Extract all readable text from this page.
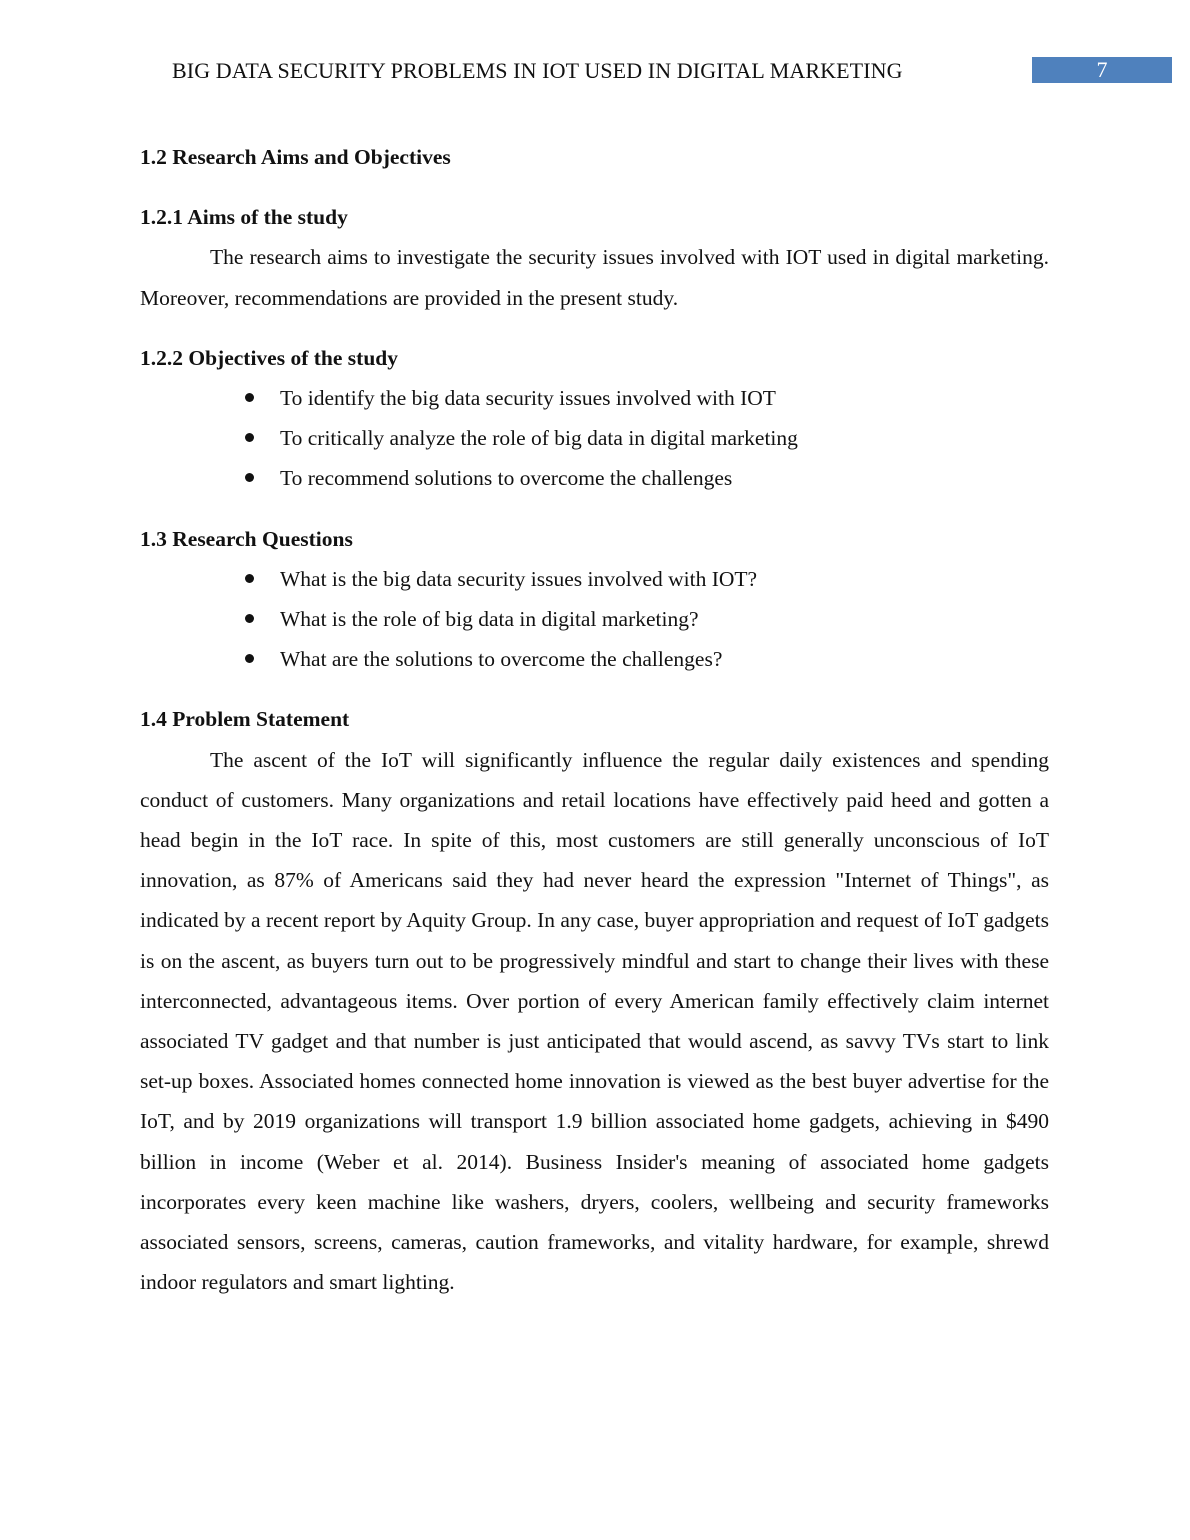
BIG DATA SECURITY PROBLEMS IN IOT USED IN DIGITAL MARKETING	7

1.2 Research Aims and Objectives

1.2.1 Aims of the study

The research aims to investigate the security issues involved with IOT used in digital marketing. Moreover, recommendations are provided in the present study.

1.2.2 Objectives of the study

To identify the big data security issues involved with IOT
To critically analyze the role of big data in digital marketing
To recommend solutions to overcome the challenges

1.3 Research Questions

What is the big data security issues involved with IOT?
What is the role of big data in digital marketing?
What are the solutions to overcome the challenges?

1.4 Problem Statement

The ascent of the IoT will significantly influence the regular daily existences and spending conduct of customers. Many organizations and retail locations have effectively paid heed and gotten a head begin in the IoT race. In spite of this, most customers are still generally unconscious of IoT innovation, as 87% of Americans said they had never heard the expression "Internet of Things", as indicated by a recent report by Aquity Group. In any case, buyer appropriation and request of IoT gadgets is on the ascent, as buyers turn out to be progressively mindful and start to change their lives with these interconnected, advantageous items. Over portion of every American family effectively claim internet associated TV gadget and that number is just anticipated that would ascend, as savvy TVs start to link set-up boxes. Associated homes connected home innovation is viewed as the best buyer advertise for the IoT, and by 2019 organizations will transport 1.9 billion associated home gadgets, achieving in $490 billion in income (Weber et al. 2014). Business Insider's meaning of associated home gadgets incorporates every keen machine like washers, dryers, coolers, wellbeing and security frameworks associated sensors, screens, cameras, caution frameworks, and vitality hardware, for example, shrewd indoor regulators and smart lighting.
